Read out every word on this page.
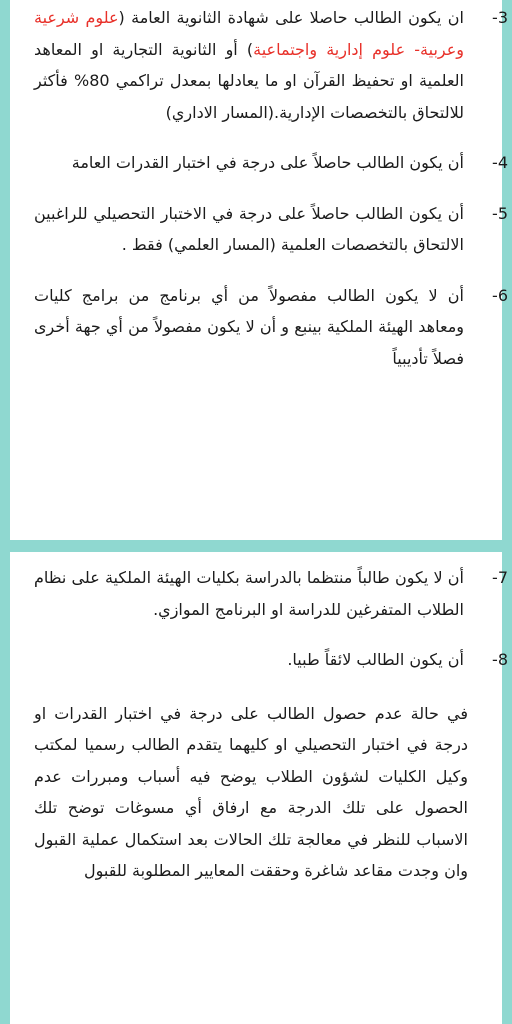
-3
ان يكون الطالب حاصلا على شهادة الثانوية العامة (علوم شرعية وعربية- علوم إدارية واجتماعية) أو الثانوية التجارية او المعاهد العلمية او تحفيظ القرآن او ما يعادلها بمعدل تراكمي 80% فأكثر للالتحاق بالتخصصات الإدارية.(المسار الاداري)
-4
أن يكون الطالب حاصلاً على درجة في اختبار القدرات العامة
-5
أن يكون الطالب حاصلاً على درجة في الاختبار التحصيلي للراغبين الالتحاق بالتخصصات العلمية (المسار العلمي) فقط .
-6
أن لا يكون الطالب مفصولاً من أي برنامج من برامج كليات ومعاهد الهيئة الملكية بينبع و أن لا يكون مفصولاً من أي جهة أخرى فصلاً تأديبياً
-7
أن لا يكون طالباً منتظما بالدراسة بكليات الهيئة الملكية على نظام الطلاب المتفرغين للدراسة او البرنامج الموازي.
-8
أن يكون الطالب لائقاً طبيا.
في حالة عدم حصول الطالب على درجة في اختبار القدرات او درجة في اختبار التحصيلي او كليهما يتقدم الطالب رسميا لمكتب وكيل الكليات لشؤون الطلاب يوضح فيه أسباب ومبررات عدم الحصول على تلك الدرجة مع ارفاق أي مسوغات توضح تلك الاسباب للنظر في معالجة تلك الحالات بعد استكمال عملية القبول وان وجدت مقاعد شاغرة وحققت المعايير المطلوبة للقبول
